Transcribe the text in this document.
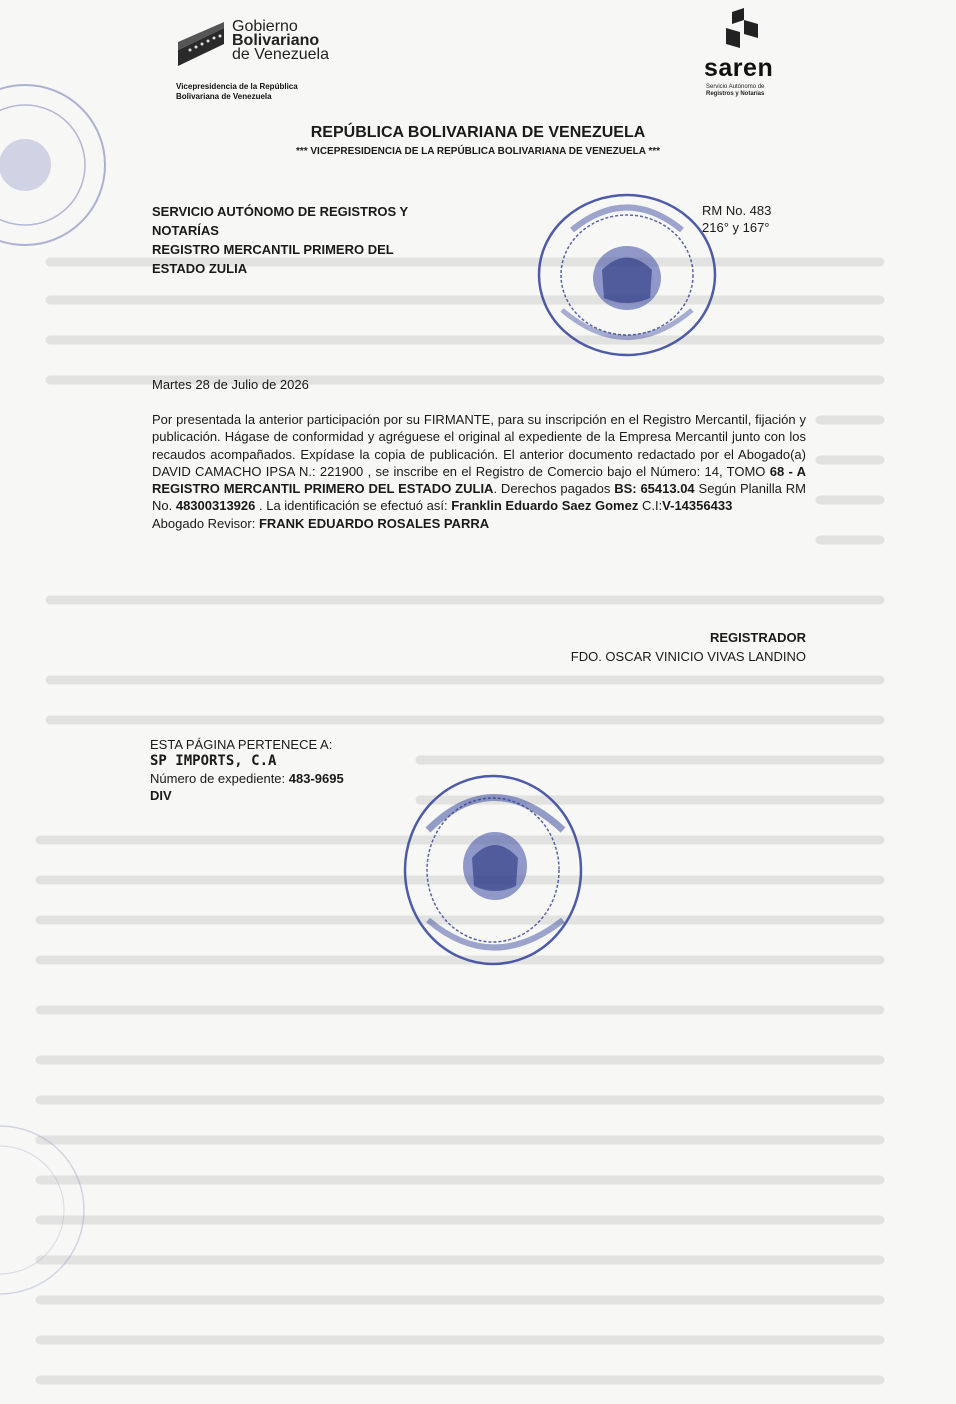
Gobierno
Bolivariano
de Venezuela
Vicepresidencia de la República
Bolivariana de Venezuela
saren
Servicio Autónomo de
Registros y Notarías
REPÚBLICA BOLIVARIANA DE VENEZUELA
*** VICEPRESIDENCIA DE LA REPÚBLICA BOLIVARIANA DE VENEZUELA ***
SERVICIO AUTÓNOMO DE REGISTROS Y
NOTARÍAS
REGISTRO MERCANTIL PRIMERO DEL
ESTADO ZULIA
RM No. 483
216° y 167°
Martes 28 de Julio de 2026
Por presentada la anterior participación por su FIRMANTE, para su inscripción en el Registro Mercantil, fijación y publicación. Hágase de conformidad y agréguese el original al expediente de la Empresa Mercantil junto con los recaudos acompañados. Expídase la copia de publicación. El anterior documento redactado por el Abogado(a) DAVID CAMACHO IPSA N.: 221900 , se inscribe en el Registro de Comercio bajo el Número: 14, TOMO 68 - A REGISTRO MERCANTIL PRIMERO DEL ESTADO ZULIA. Derechos pagados BS: 65413.04 Según Planilla RM No. 48300313926 . La identificación se efectuó así: Franklin Eduardo Saez Gomez C.I:V-14356433
Abogado Revisor: FRANK EDUARDO ROSALES PARRA
REGISTRADOR
FDO. OSCAR VINICIO VIVAS LANDINO
ESTA PÁGINA PERTENECE A:
SP IMPORTS, C.A
Número de expediente: 483-9695
DIV
